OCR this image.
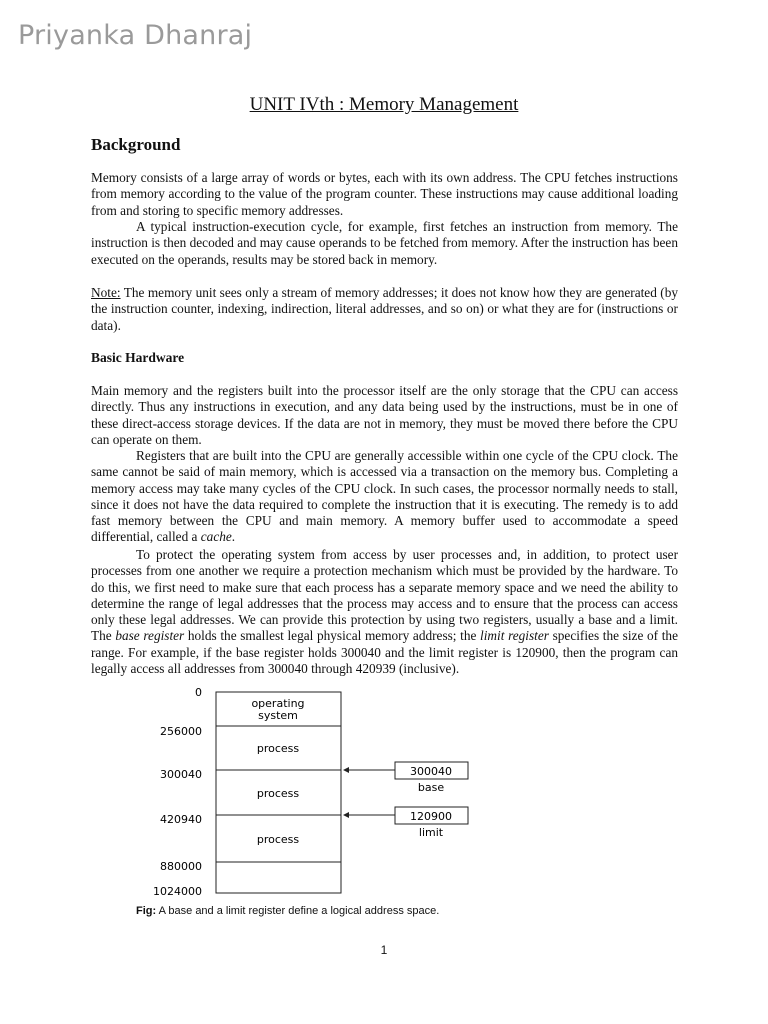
Priyanka Dhanraj
UNIT IVth : Memory Management
Background

Memory consists of a large array of words or bytes, each with its own address. The CPU fetches instructions from memory according to the value of the program counter. These instructions may cause additional loading from and storing to specific memory addresses.

A typical instruction-execution cycle, for example, first fetches an instruction from memory. The instruction is then decoded and may cause operands to be fetched from memory. After the instruction has been executed on the operands, results may be stored back in memory.

Note: The memory unit sees only a stream of memory addresses; it does not know how they are generated (by the instruction counter, indexing, indirection, literal addresses, and so on) or what they are for (instructions or data).

Basic Hardware

Main memory and the registers built into the processor itself are the only storage that the CPU can access directly. Thus any instructions in execution, and any data being used by the instructions, must be in one of these direct-access storage devices. If the data are not in memory, they must be moved there before the CPU can operate on them.

Registers that are built into the CPU are generally accessible within one cycle of the CPU clock. The same cannot be said of main memory, which is accessed via a transaction on the memory bus. Completing a memory access may take many cycles of the CPU clock. In such cases, the processor normally needs to stall, since it does not have the data required to complete the instruction that it is executing. The remedy is to add fast memory between the CPU and main memory. A memory buffer used to accommodate a speed differential, called a cache.

To protect the operating system from access by user processes and, in addition, to protect user processes from one another we require a protection mechanism which must be provided by the hardware. To do this, we first need to make sure that each process has a separate memory space and we need the ability to determine the range of legal addresses that the process may access and to ensure that the process can access only these legal addresses. We can provide this protection by using two registers, usually a base and a limit. The base register holds the smallest legal physical memory address; the limit register specifies the size of the range. For example, if the base register holds 300040 and the limit register is 120900, then the program can legally access all addresses from 300040 through 420939 (inclusive).

0
256000
300040
420940
880000
1024000
operating
system
process
process
process
300040
base
120900
limit
Fig: A base and a limit register define a logical address space.
1
